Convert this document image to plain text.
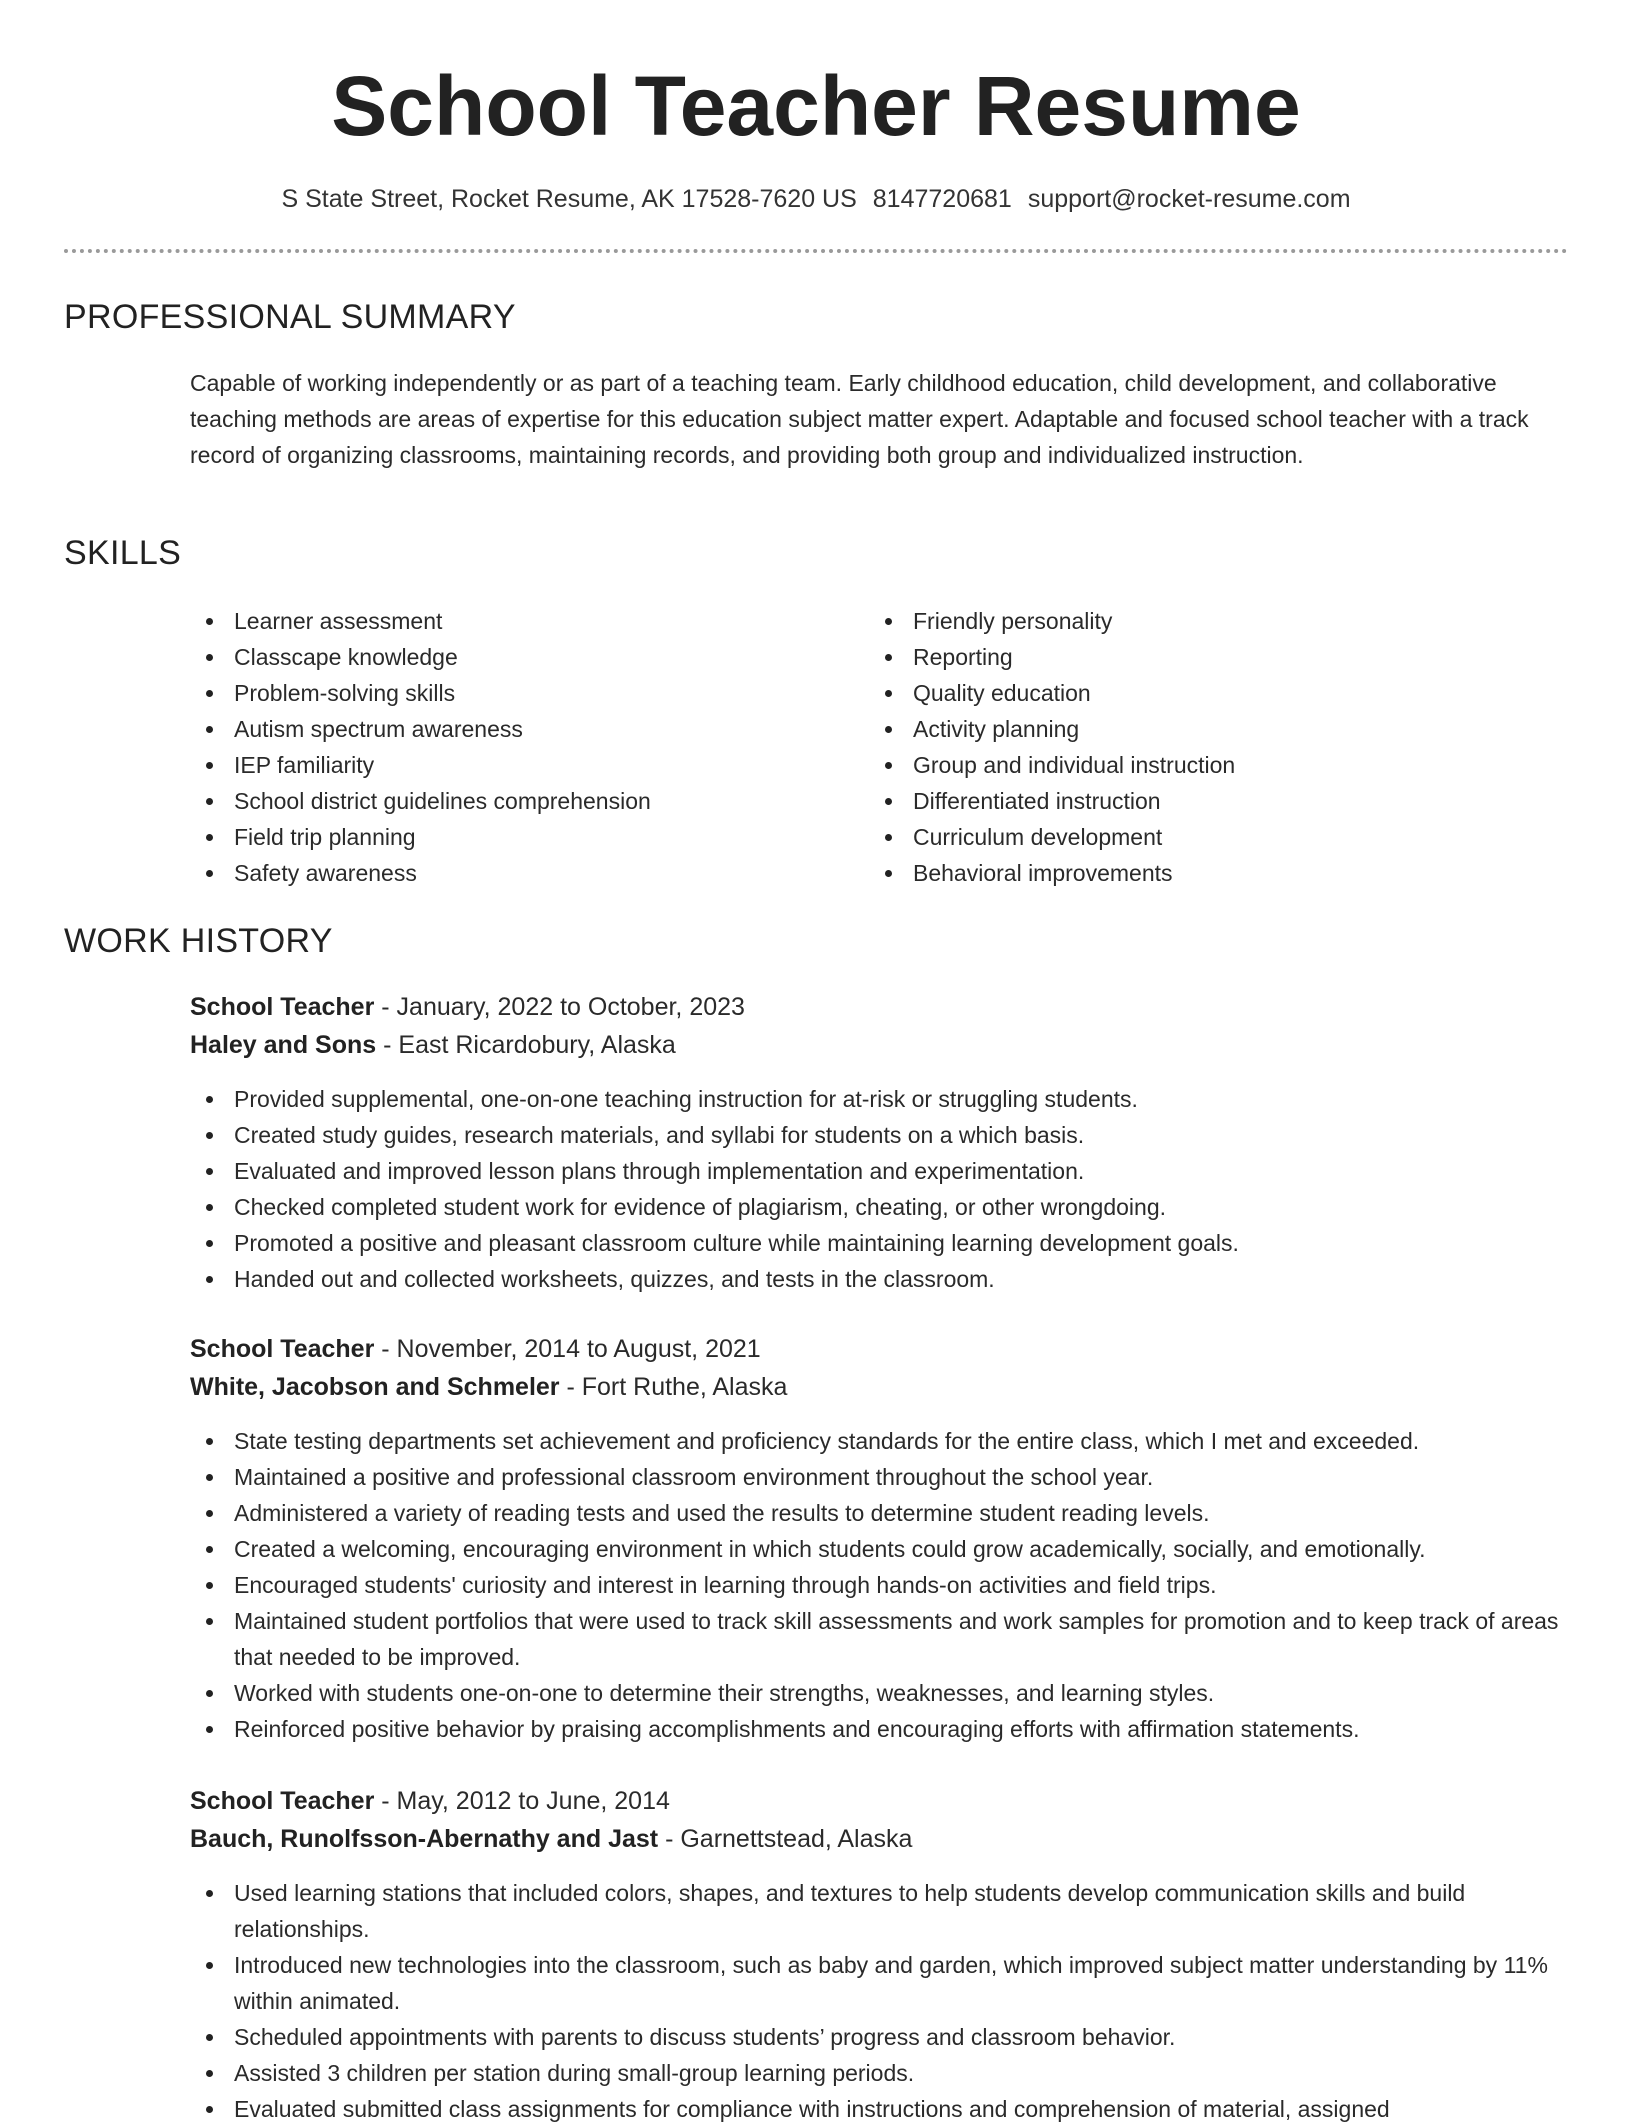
School Teacher Resume
S State Street, Rocket Resume, AK 17528-7620 US 8147720681 support@rocket-resume.com
PROFESSIONAL SUMMARY
Capable of working independently or as part of a teaching team. Early childhood education, child development, and collaborative teaching methods are areas of expertise for this education subject matter expert. Adaptable and focused school teacher with a track record of organizing classrooms, maintaining records, and providing both group and individualized instruction.
SKILLS
Learner assessment
Classcape knowledge
Problem-solving skills
Autism spectrum awareness
IEP familiarity
School district guidelines comprehension
Field trip planning
Safety awareness
Friendly personality
Reporting
Quality education
Activity planning
Group and individual instruction
Differentiated instruction
Curriculum development
Behavioral improvements
WORK HISTORY
School Teacher - January, 2022 to October, 2023
Haley and Sons - East Ricardobury, Alaska
Provided supplemental, one-on-one teaching instruction for at-risk or struggling students.
Created study guides, research materials, and syllabi for students on a which basis.
Evaluated and improved lesson plans through implementation and experimentation.
Checked completed student work for evidence of plagiarism, cheating, or other wrongdoing.
Promoted a positive and pleasant classroom culture while maintaining learning development goals.
Handed out and collected worksheets, quizzes, and tests in the classroom.
School Teacher - November, 2014 to August, 2021
White, Jacobson and Schmeler - Fort Ruthe, Alaska
State testing departments set achievement and proficiency standards for the entire class, which I met and exceeded.
Maintained a positive and professional classroom environment throughout the school year.
Administered a variety of reading tests and used the results to determine student reading levels.
Created a welcoming, encouraging environment in which students could grow academically, socially, and emotionally.
Encouraged students' curiosity and interest in learning through hands-on activities and field trips.
Maintained student portfolios that were used to track skill assessments and work samples for promotion and to keep track of areas that needed to be improved.
Worked with students one-on-one to determine their strengths, weaknesses, and learning styles.
Reinforced positive behavior by praising accomplishments and encouraging efforts with affirmation statements.
School Teacher - May, 2012 to June, 2014
Bauch, Runolfsson-Abernathy and Jast - Garnettstead, Alaska
Used learning stations that included colors, shapes, and textures to help students develop communication skills and build relationships.
Introduced new technologies into the classroom, such as baby and garden, which improved subject matter understanding by 11% within animated.
Scheduled appointments with parents to discuss students’ progress and classroom behavior.
Assisted 3 children per station during small-group learning periods.
Evaluated submitted class assignments for compliance with instructions and comprehension of material, assigned
